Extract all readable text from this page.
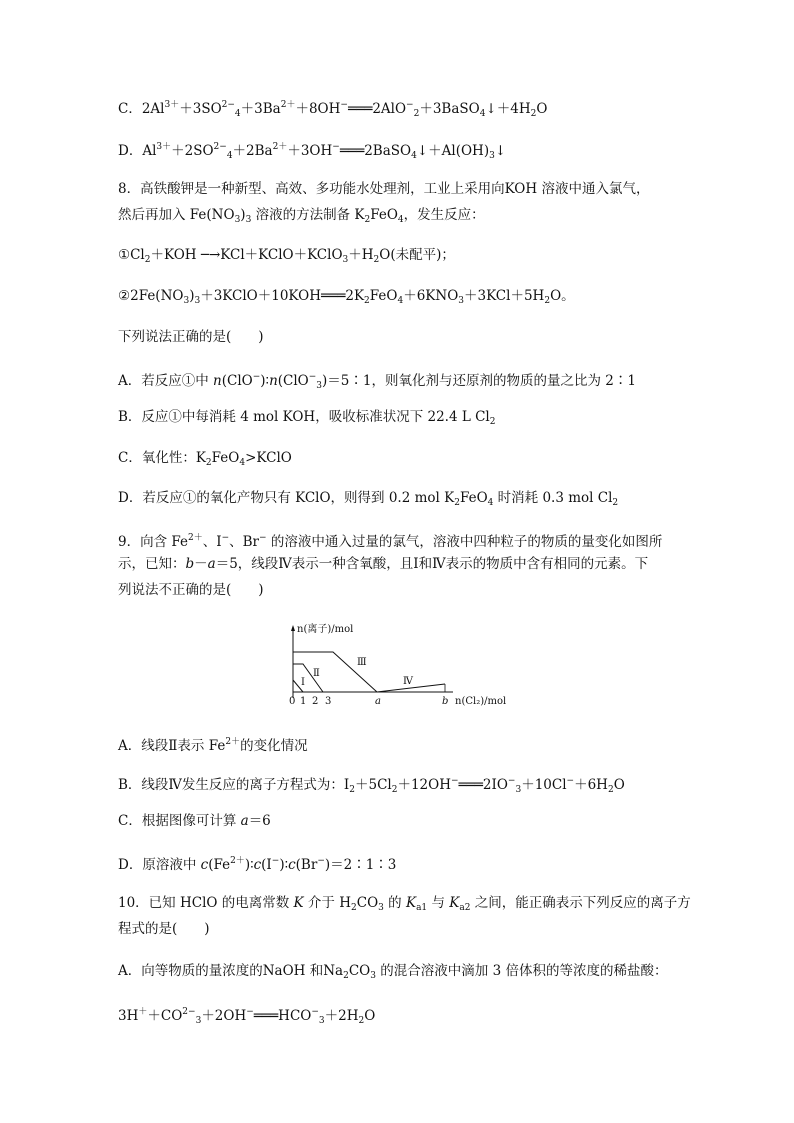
C．$2Al^{3+}+3SO^{2-}_4+3Ba^{2+}+8OH^-═══2AlO^-_2+3BaSO_4↓+4H_2O$
D．$Al^{3+}+2SO^{2-}_4+2Ba^{2+}+3OH^-═══2BaSO_4↓+Al(OH)_3↓$
8．高铁酸钾是一种新型、高效、多功能水处理剂，工业上采用向KOH 溶液中通入氯气，
然后再加入 $Fe(NO_3)_3$ 溶液的方法制备 $K_2FeO_4$，发生反应：
$①Cl_2+KOH$ $─\to KCl+KClO+KClO_3+H_2O$(未配平)；
$②2Fe(NO_3)_3+3KClO+10KOH═══2K_2FeO_4+6KNO_3+3KCl+5H_2O$。
下列说法正确的是(　　)
A．若反应①中 n(ClO−)∶n(ClO−$_3$)＝5∶1，则氧化剂与还原剂的物质的量之比为 2∶1
B．反应①中每消耗 4 mol KOH，吸收标准状况下 22.4 L $Cl_2$
C．氧化性：$K_2FeO_4>KClO$
D．若反应①的氧化产物只有 KClO，则得到 0.2 mol $K_2FeO_4$ 时消耗 0.3 mol $Cl_2$
9．向含 $Fe^{2+}$、I−、Br− 的溶液中通入过量的氯气，溶液中四种粒子的物质的量变化如图所
示，已知：b－a＝5，线段Ⅳ表示一种含氧酸，且Ⅰ和Ⅳ表示的物质中含有相同的元素。下
列说法不正确的是(　　)
A．线段Ⅱ表示 $Fe^{2+}$的变化情况
B．线段Ⅳ发生反应的离子方程式为：$I_2+5Cl_2+12OH^-═══2IO^-_3+10Cl^-+6H_2O$
C．根据图像可计算 a＝6
D．原溶液中 $c(Fe^{2+})∶c(I^-)∶c(Br^-)=2∶1∶3$
10．已知 HClO 的电离常数 K 介于 $H_2CO_3$ 的 $K_{a1}$ 与 $K_{a2}$ 之间，能正确表示下列反应的离子方
程式的是(　　)
A．向等物质的量浓度的NaOH 和$Na_2CO_3$ 的混合溶液中滴加 3 倍体积的等浓度的稀盐酸：
$3H^++CO^{2-}_3+2OH^-═══HCO^-_3+2H_2O$
n(离子)/mol
n(Cl₂)/mol
Ⅰ
Ⅱ
Ⅲ
Ⅳ
0 1 2 3	a	b
